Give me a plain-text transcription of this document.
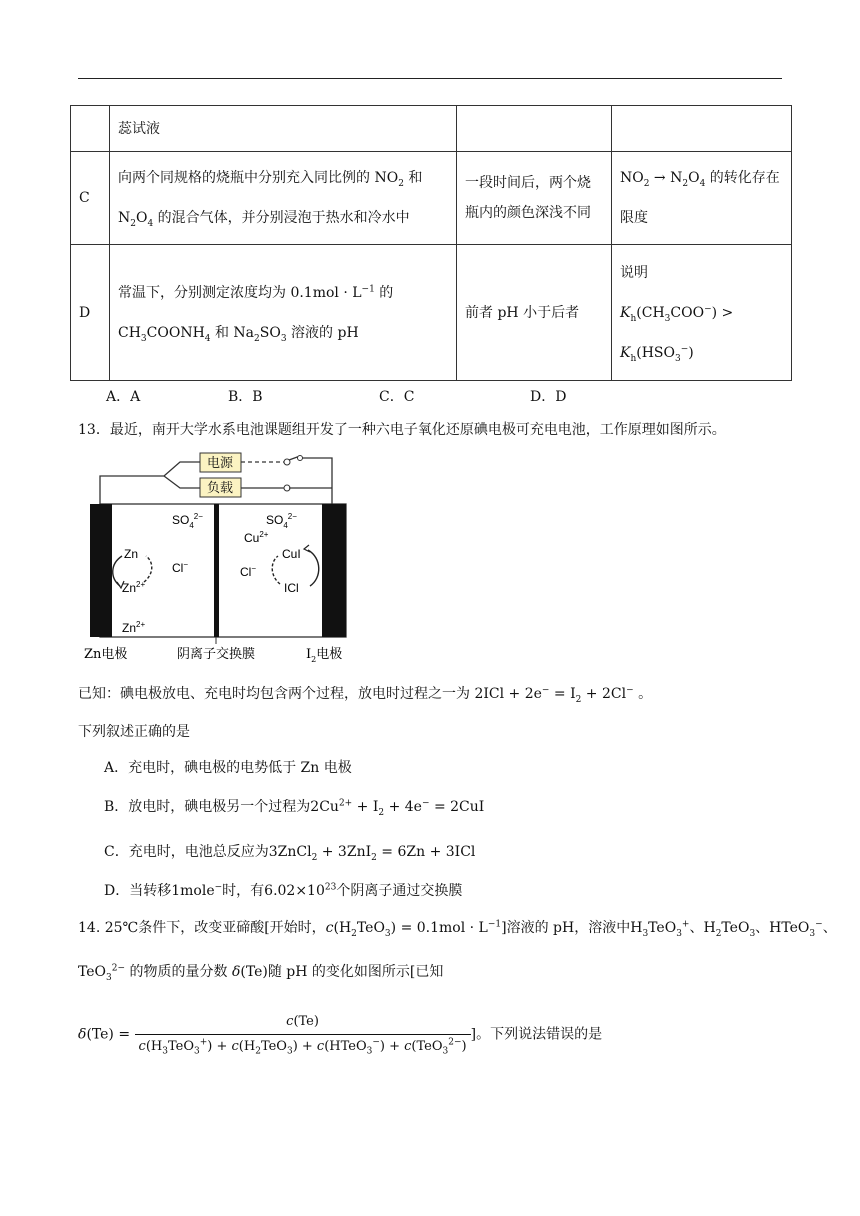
	蕊试液		
C	向两个同规格的烧瓶中分别充入同比例的 $NO_2$ 和
$N_2O_4$ 的混合气体，并分别浸泡于热水和冷水中	一段时间后，两个烧瓶内的颜色深浅不同	$NO_2 \to N_2O_4$ 的转化存在限度
D	常温下，分别测定浓度均为 $0.1mol \cdot L^{-1}$ 的
$CH_3COONH_4$ 和 $Na_2SO_3$ 溶液的 pH	前者 pH 小于后者	说明
$K_h(CH_3COO^-)$ >
$K_h(HSO_3^-)$
A．A	B．B	C．C	D．D
13．最近，南开大学水系电池课题组开发了一种六电子氧化还原碘电极可充电电池，工作原理如图所示。
电源
负载
$SO_4^{2-}$
Cl−
Zn
$Zn^{2+}$
$Zn^{2+}$
$SO_4^{2-}$
$Cu^{2+}$
Cl−
CuI
ICl
Zn电极	阴离子交换膜	$I_2$电极
已知：碘电极放电、充电时均包含两个过程，放电时过程之一为 $2ICl + 2e^- = I_2 + 2Cl^-$ 。
下列叙述正确的是
A．充电时，碘电极的电势低于 Zn 电极
B．放电时，碘电极另一个过程为$2Cu^{2+} + I_2 + 4e^- = 2CuI$
C．充电时，电池总反应为3ZnCl$_2$ + 3ZnI$_2$ = 6Zn + 3ICl
D．当转移1mole−时，有$6.02\times 10^{23}$个阴离子通过交换膜
14. 25℃条件下，改变亚碲酸[开始时，$c(H_2TeO_3) = 0.1mol \cdot L^{-1}$]溶液的 pH，溶液中$H_3TeO_3^+$、$H_2TeO_3$、HTeO$_3$−、
TeO$_3^{2-}$ 的物质的量分数 δ(Te)随 pH 的变化如图所示[已知
$\delta(Te) = \frac{c(Te)}{c(H_3TeO_3^+) + c(H_2TeO_3) + c(HTeO_3^-) + c(TeO_3^{2-})}$ ]。下列说法错误的是
